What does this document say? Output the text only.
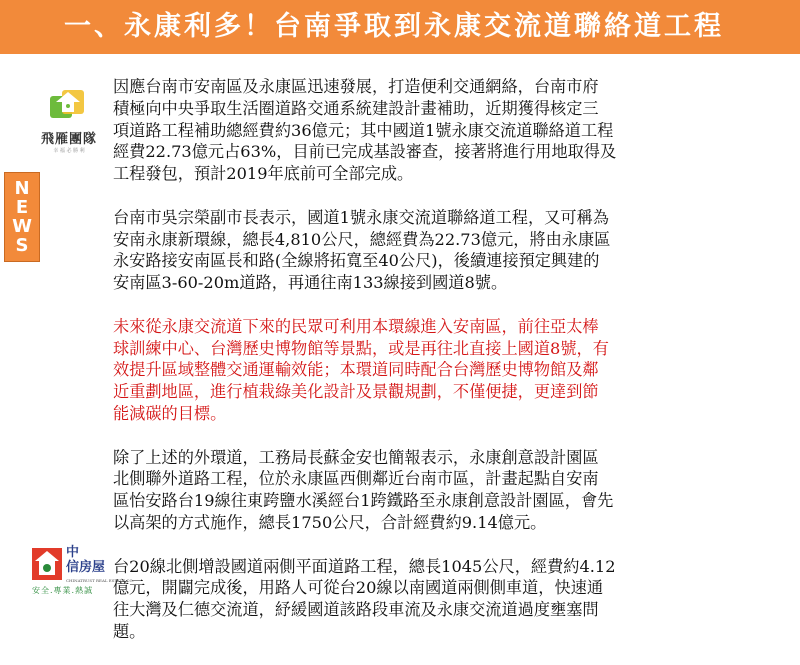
一、永康利多！台南爭取到永康交流道聯絡道工程
飛雁團隊
幸 福 必 勝 利
N
E
W
S

因應台南市安南區及永康區迅速發展，打造便利交通網絡，台南市府
積極向中央爭取生活圈道路交通系統建設計畫補助，近期獲得核定三
項道路工程補助總經費約36億元；其中國道1號永康交流道聯絡道工程
經費22.73億元占63%，目前已完成基設審查，接著將進行用地取得及
工程發包，預計2019年底前可全部完成。

台南市吳宗榮副市長表示，國道1號永康交流道聯絡道工程，又可稱為
安南永康新環線，總長4,810公尺，總經費為22.73億元，將由永康區
永安路接安南區長和路(全線將拓寬至40公尺)，後續連接預定興建的
安南區3-60-20m道路，再通往南133線接到國道8號。

未來從永康交流道下來的民眾可利用本環線進入安南區，前往亞太棒
球訓練中心、台灣歷史博物館等景點，或是再往北直接上國道8號，有
效提升區域整體交通運輸效能；本環道同時配合台灣歷史博物館及鄰
近重劃地區，進行植栽綠美化設計及景觀規劃，不僅便捷，更達到節
能減碳的目標。

除了上述的外環道，工務局長蘇金安也簡報表示，永康創意設計園區
北側聯外道路工程，位於永康區西側鄰近台南市區，計畫起點自安南
區怡安路台19線往東跨鹽水溪經台1跨鐵路至永康創意設計園區，會先
以高架的方式施作，總長1750公尺，合計經費約9.14億元。

台20線北側增設國道兩側平面道路工程，總長1045公尺，經費約4.12
億元，開闢完成後，用路人可從台20線以南國道兩側側車道，快速通
往大灣及仁德交流道，紓緩國道該路段車流及永康交流道過度壅塞問
題。

中
信房屋
CHINATRUST REAL ESTATE CO.
安全.專業.熱誠
